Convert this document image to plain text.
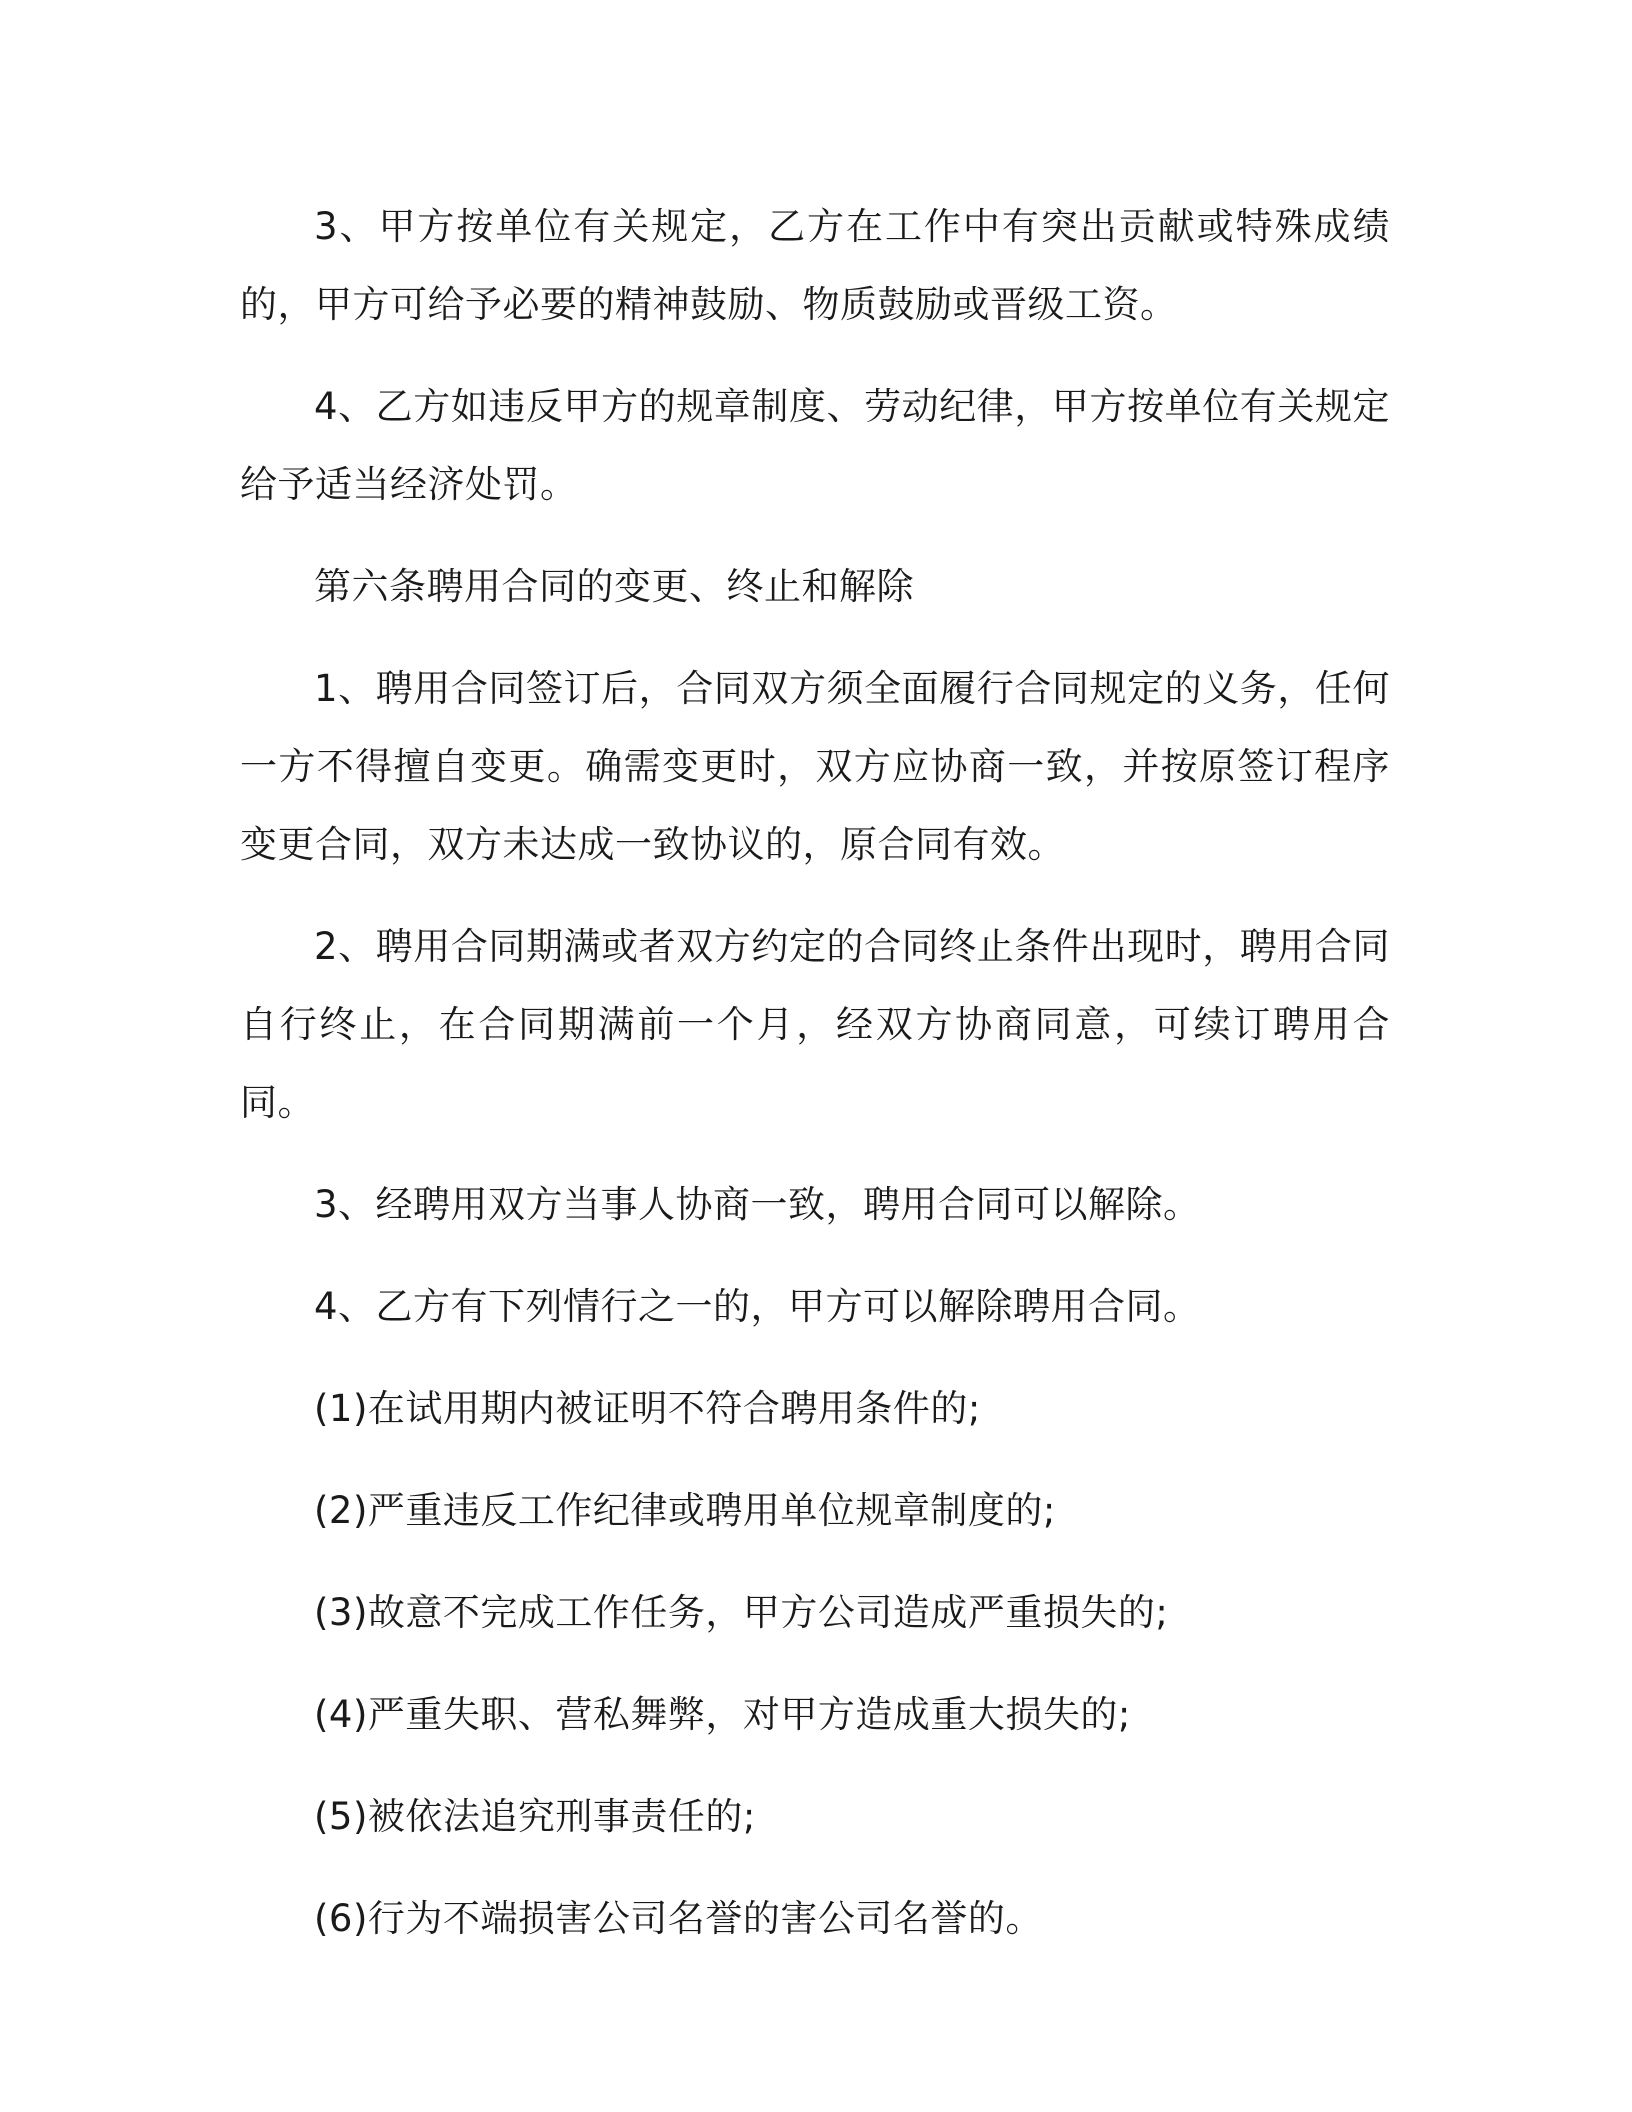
3、甲方按单位有关规定，乙方在工作中有突出贡献或特殊成绩的，甲方可给予必要的精神鼓励、物质鼓励或晋级工资。

4、乙方如违反甲方的规章制度、劳动纪律，甲方按单位有关规定给予适当经济处罚。

第六条聘用合同的变更、终止和解除

1、聘用合同签订后，合同双方须全面履行合同规定的义务，任何一方不得擅自变更。确需变更时，双方应协商一致，并按原签订程序变更合同，双方未达成一致协议的，原合同有效。

2、聘用合同期满或者双方约定的合同终止条件出现时，聘用合同自行终止，在合同期满前一个月，经双方协商同意，可续订聘用合同。

3、经聘用双方当事人协商一致，聘用合同可以解除。

4、乙方有下列情行之一的，甲方可以解除聘用合同。

(1)在试用期内被证明不符合聘用条件的;

(2)严重违反工作纪律或聘用单位规章制度的;

(3)故意不完成工作任务，甲方公司造成严重损失的;

(4)严重失职、营私舞弊，对甲方造成重大损失的;

(5)被依法追究刑事责任的;

(6)行为不端损害公司名誉的害公司名誉的。
